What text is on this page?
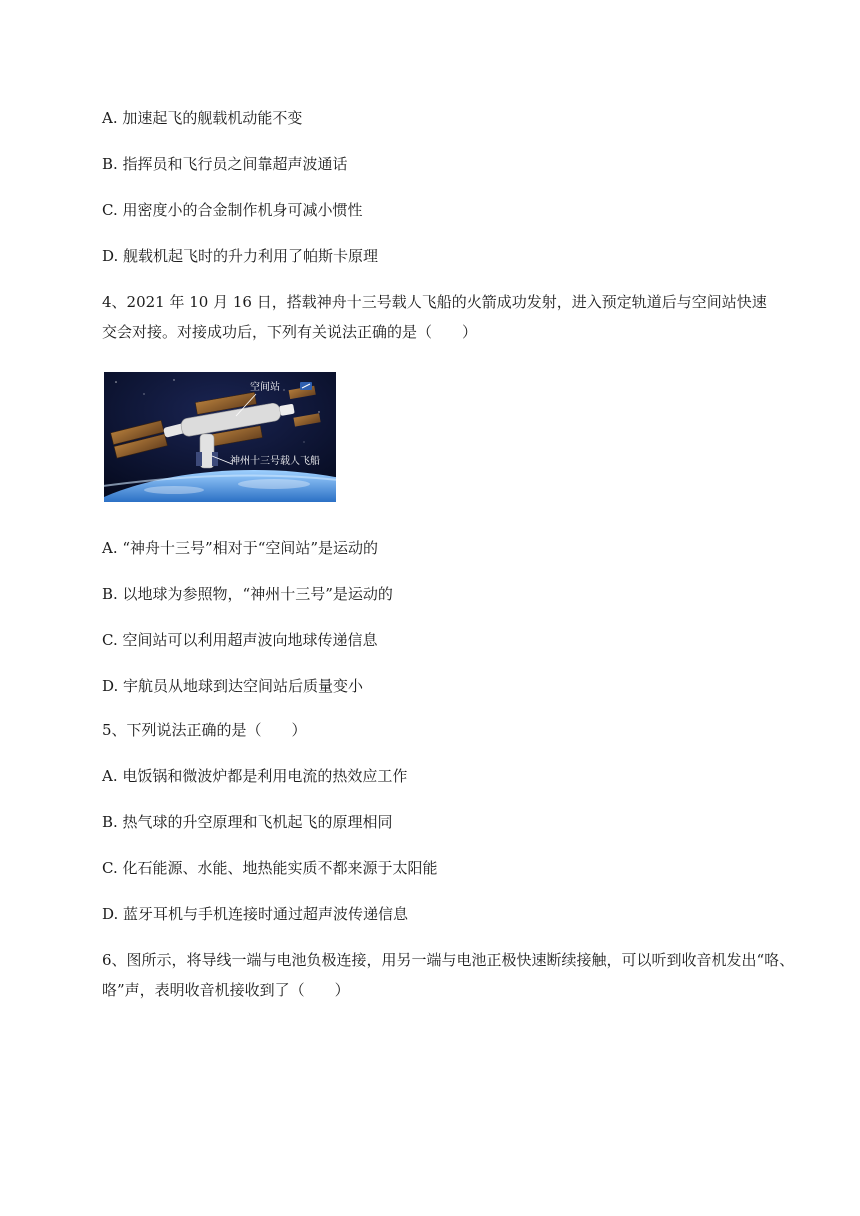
A. 加速起飞的舰载机动能不变
B. 指挥员和飞行员之间靠超声波通话
C. 用密度小的合金制作机身可减小惯性
D. 舰载机起飞时的升力利用了帕斯卡原理
4、2021 年 10 月 16 日，搭载神舟十三号载人飞船的火箭成功发射，进入预定轨道后与空间站快速
交会对接。对接成功后，下列有关说法正确的是（　　）
空间站
神州十三号载人飞船
A. “神舟十三号”相对于“空间站”是运动的
B. 以地球为参照物，“神州十三号”是运动的
C. 空间站可以利用超声波向地球传递信息
D. 宇航员从地球到达空间站后质量变小
5、下列说法正确的是（　　）
A. 电饭锅和微波炉都是利用电流的热效应工作
B. 热气球的升空原理和飞机起飞的原理相同
C. 化石能源、水能、地热能实质不都来源于太阳能
D. 蓝牙耳机与手机连接时通过超声波传递信息
6、图所示，将导线一端与电池负极连接，用另一端与电池正极快速断续接触，可以听到收音机发出“咯、
咯”声，表明收音机接收到了（　　）
